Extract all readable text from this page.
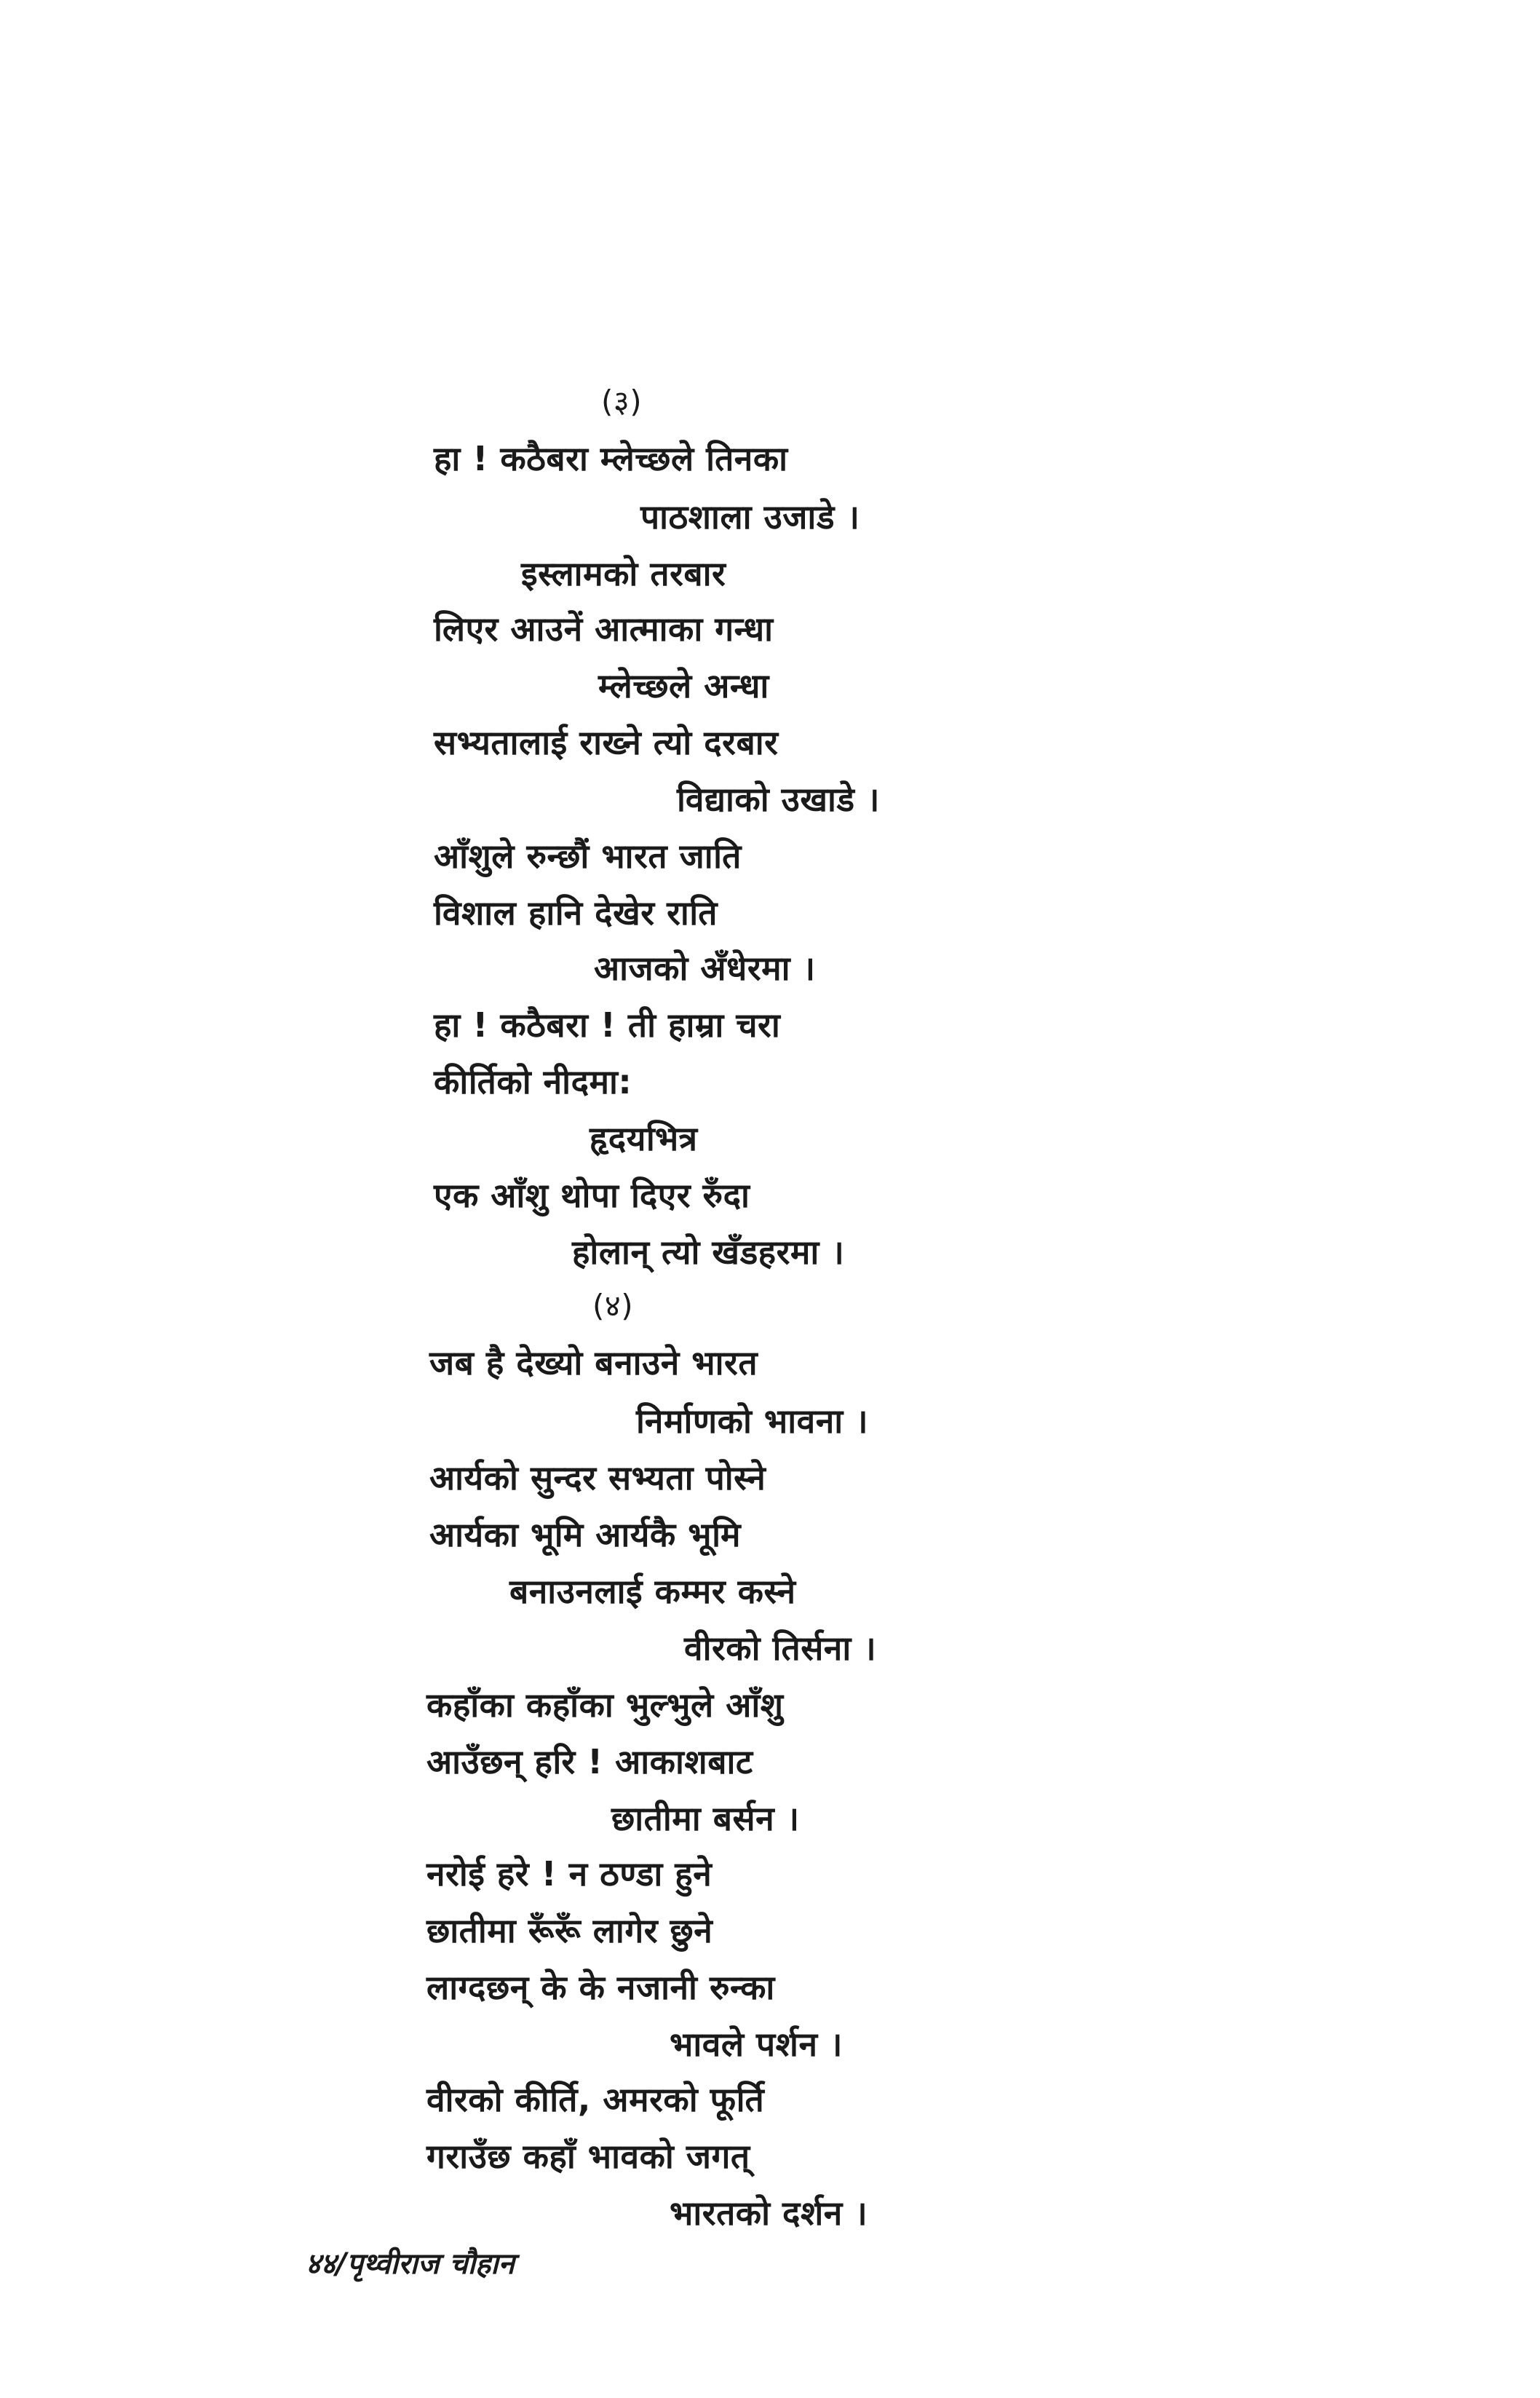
(३)
हा ! कठैबरा म्लेच्छले तिनका
पाठशाला उजाडे ।
इस्लामको तरबार
लिएर आउनें आत्माका गन्धा
म्लेच्छले अन्धा
सभ्यतालाई राख्ने त्यो दरबार
विद्याको उखाडे ।
आँशुले रुन्छौं भारत जाति
विशाल हानि देखेर राति
आजको अँधेरमा ।
हा ! कठैबरा ! ती हाम्रा चरा
कीर्तिको नीदमा:
हृदयभित्र
एक आँशु थोपा दिएर रुँदा
होलान् त्यो खँडहरमा ।
(४)
जब है देख्यो बनाउने भारत
निर्माणको भावना ।
आर्यको सुन्दर सभ्यता पोस्ने
आर्यका भूमि आर्यकै भूमि
बनाउनलाई कम्मर कस्ने
वीरको तिर्सना ।
कहाँका कहाँका भुल्भुले आँशु
आउँछन् हरि ! आकाशबाट
छातीमा बर्सन ।
नरोई हरे ! न ठण्डा हुने
छातीमा रूँरूँ लागेर छुने
लाग्दछन् के के नजानी रुन्का
भावले पर्शन ।
वीरको कीर्ति, अमरको फूर्ति
गराउँछ कहाँ भावको जगत्
भारतको दर्शन ।
४४/पृथ्वीराज चौहान
